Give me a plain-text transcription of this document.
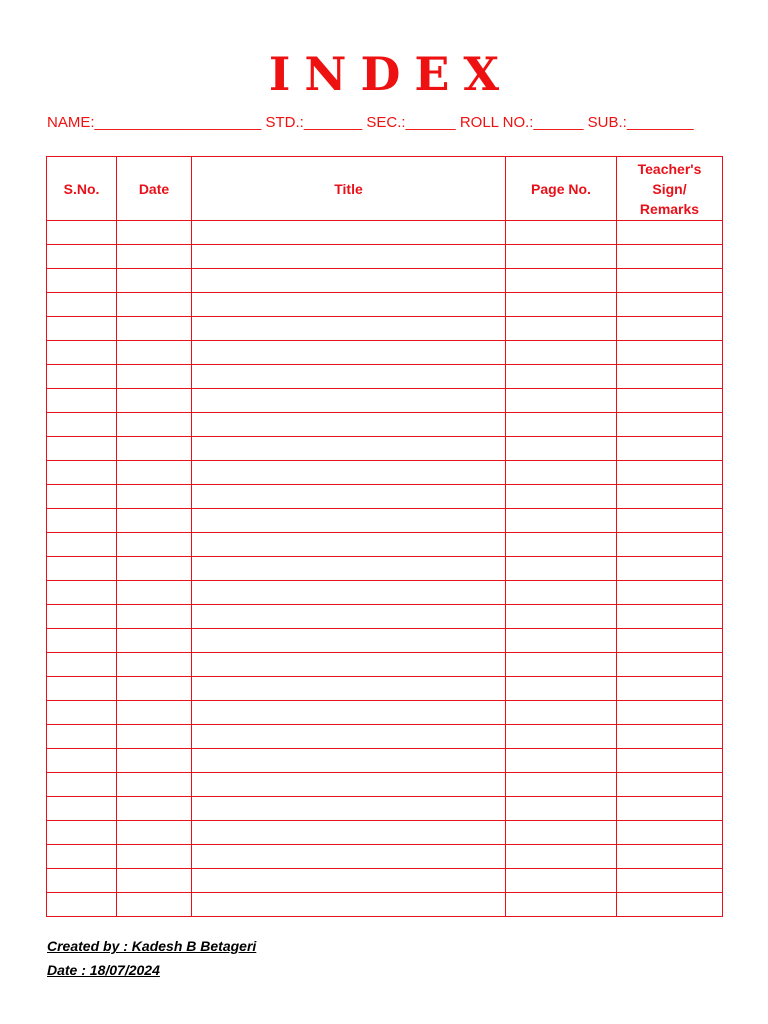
INDEX
NAME:____________________ STD.:_______ SEC.:______ ROLL NO.:______ SUB.:________
S.No.	Date	Title	Page No.	Teacher's Sign/ Remarks

Created by : Kadesh B Betageri
Date : 18/07/2024
